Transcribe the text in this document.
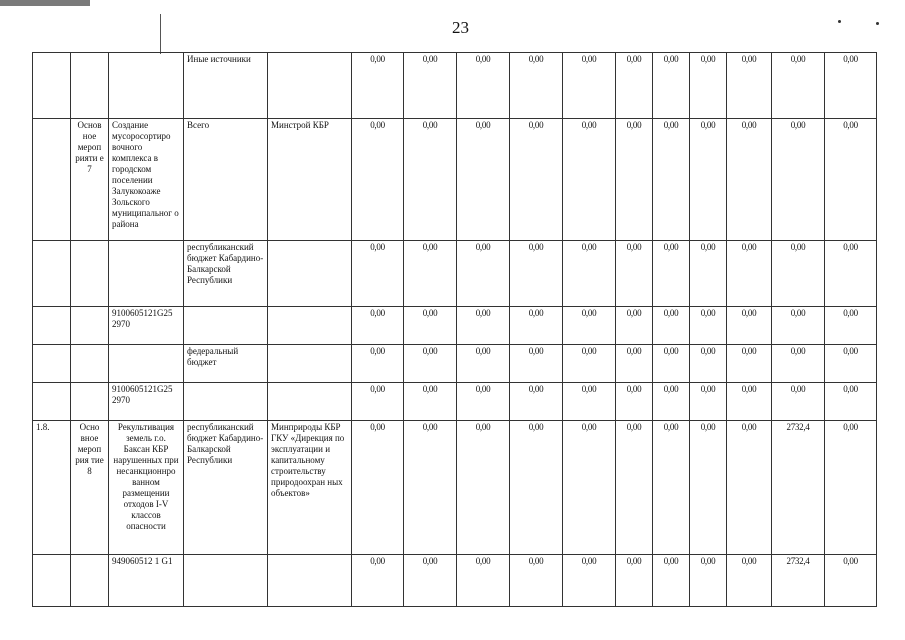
23
			Иные источники		0,00	0,00	0,00	0,00	0,00	0,00	0,00	0,00	0,00	0,00	0,00
	Основ ное мероп рияти е 7	Создание мусоросортиро вочного комплекса в городском поселении Залукокоаже Зольского муниципальног о района	Всего	Минстрой КБР	0,00	0,00	0,00	0,00	0,00	0,00	0,00	0,00	0,00	0,00	0,00
			республиканский бюджет Кабардино- Балкарской Республики		0,00	0,00	0,00	0,00	0,00	0,00	0,00	0,00	0,00	0,00	0,00
		9100605121G25 2970			0,00	0,00	0,00	0,00	0,00	0,00	0,00	0,00	0,00	0,00	0,00
			федеральный бюджет		0,00	0,00	0,00	0,00	0,00	0,00	0,00	0,00	0,00	0,00	0,00
		9100605121G25 2970			0,00	0,00	0,00	0,00	0,00	0,00	0,00	0,00	0,00	0,00	0,00
1.8.	Осно вное мероп рия тие 8	Рекультивация земель г.о. Баксан КБР нарушенных при несанкционнро ванном размещении отходов I-V классов опасности	республиканский бюджет Кабардино- Балкарской Республики	Минприроды КБР ГКУ «Дирекция по эксплуатации и капитальному строительству природоохран ных объектов»	0,00	0,00	0,00	0,00	0,00	0,00	0,00	0,00	0,00	2732,4	0,00
		949060512 1 G1			0,00	0,00	0,00	0,00	0,00	0,00	0,00	0,00	0,00	2732,4	0,00
